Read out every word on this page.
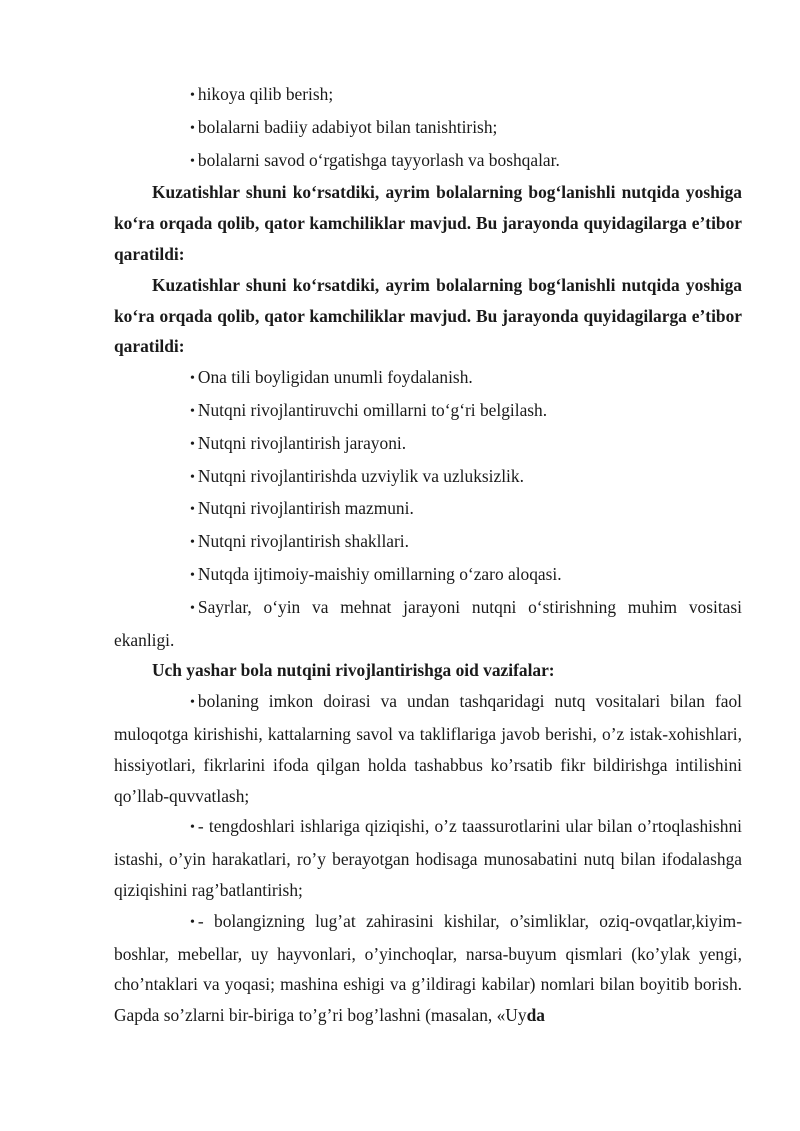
• hikoya qilib berish;

• bolalarni badiiy adabiyot bilan tanishtirish;

• bolalarni savod o‘rgatishga tayyorlash va boshqalar.

Kuzatishlar shuni ko‘rsatdiki, ayrim bolalarning bog‘lanishli nutqida yoshiga ko‘ra orqada qolib, qator kamchiliklar mavjud. Bu jarayonda quyidagilarga e’tibor qaratildi:

Kuzatishlar shuni ko‘rsatdiki, ayrim bolalarning bog‘lanishli nutqida yoshiga ko‘ra orqada qolib, qator kamchiliklar mavjud. Bu jarayonda quyidagilarga e’tibor qaratildi:

• Ona tili boyligidan unumli foydalanish.

• Nutqni rivojlantiruvchi omillarni to‘g‘ri belgilash.

• Nutqni rivojlantirish jarayoni.

• Nutqni rivojlantirishda uzviylik va uzluksizlik.

• Nutqni rivojlantirish mazmuni.

• Nutqni rivojlantirish shakllari.

• Nutqda ijtimoiy-maishiy omillarning o‘zaro aloqasi.

• Sayrlar, o‘yin va mehnat jarayoni nutqni o‘stirishning muhim vositasi ekanligi.

Uch yashar bola nutqini rivojlantirishga oid vazifalar:

• bolaning imkon doirasi va undan tashqaridagi nutq vositalari bilan faol muloqotga kirishishi, kattalarning savol va takliflariga javob berishi, o’z istak-xohishlari, hissiyotlari, fikrlarini ifoda qilgan holda tashabbus ko’rsatib fikr bildirishga intilishini qo’llab-quvvatlash;

• - tengdoshlari ishlariga qiziqishi, o’z taassurotlarini ular bilan o’rtoqlashishni istashi, o’yin harakatlari, ro’y berayotgan hodisaga munosabatini nutq bilan ifodalashga qiziqishini rag’batlantirish;

• - bolangizning lug’at zahirasini kishilar, o’simliklar, oziq-ovqatlar,kiyim-boshlar, mebellar, uy hayvonlari, o’yinchoqlar, narsa-buyum qismlari (ko’ylak yengi, cho’ntaklari va yoqasi; mashina eshigi va g’ildiragi kabilar) nomlari bilan boyitib borish. Gapda so’zlarni bir-biriga to’g’ri bog’lashni (masalan, «Uyda
